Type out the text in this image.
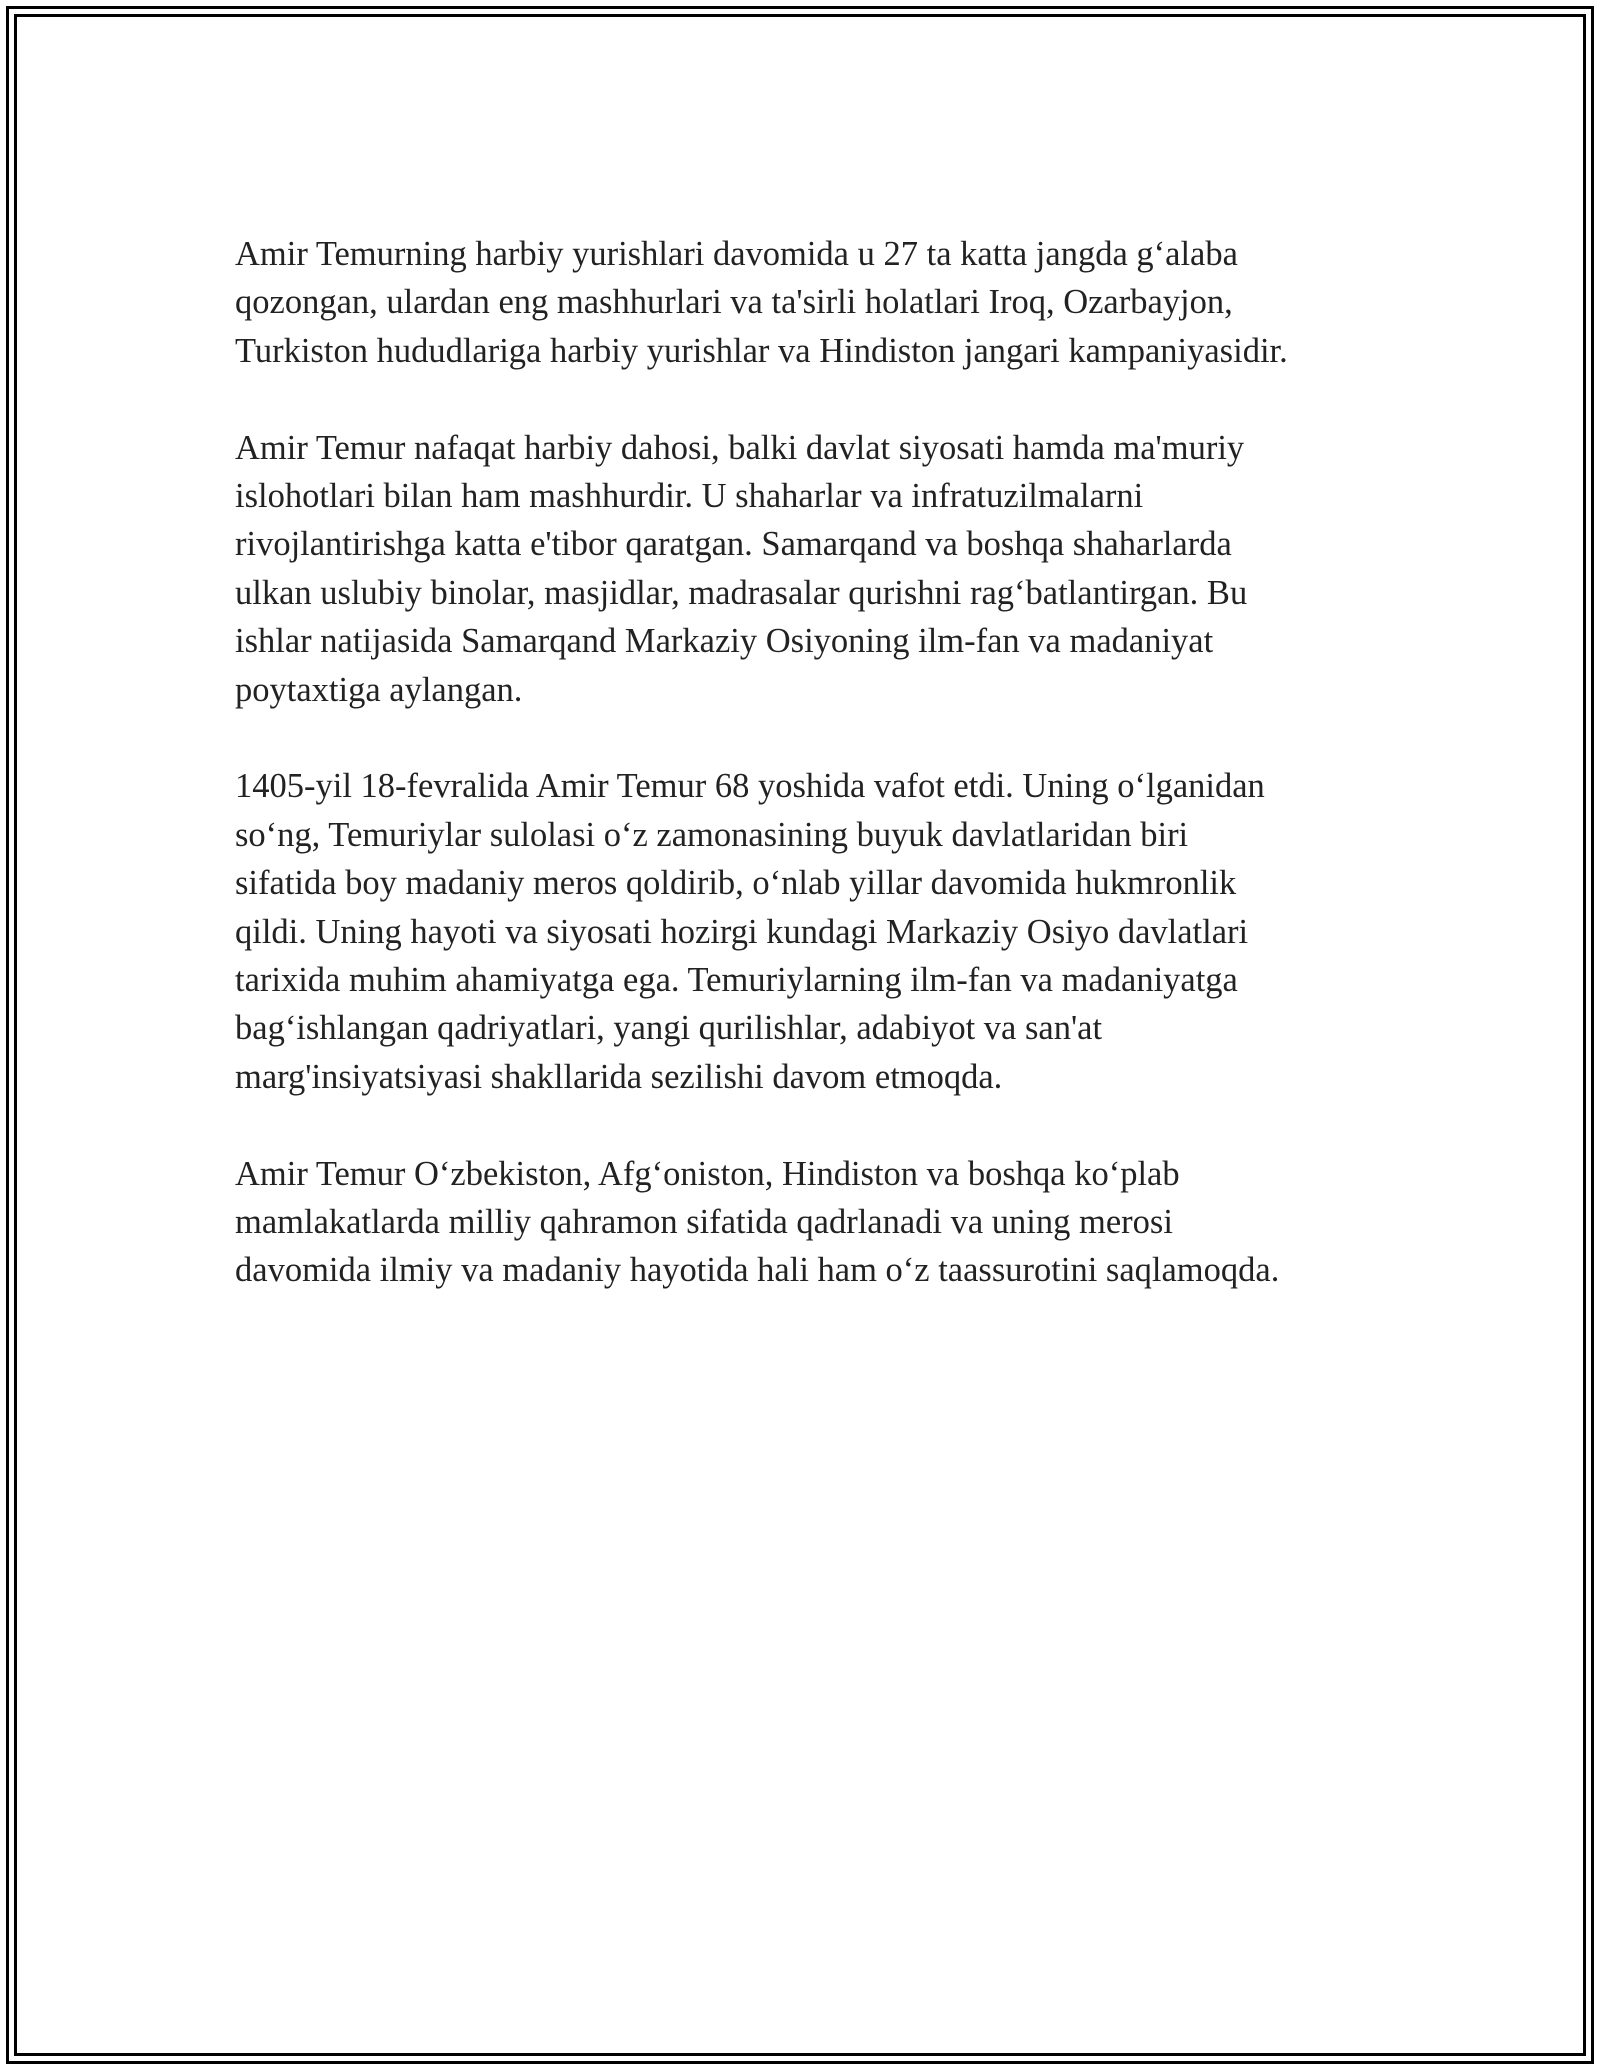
Amir Temurning harbiy yurishlari davomida u 27 ta katta jangda g‘alaba
qozongan, ulardan eng mashhurlari va ta'sirli holatlari Iroq, Ozarbayjon,
Turkiston hududlariga harbiy yurishlar va Hindiston jangari kampaniyasidir.

Amir Temur nafaqat harbiy dahosi, balki davlat siyosati hamda ma'muriy
islohotlari bilan ham mashhurdir. U shaharlar va infratuzilmalarni
rivojlantirishga katta e'tibor qaratgan. Samarqand va boshqa shaharlarda
ulkan uslubiy binolar, masjidlar, madrasalar qurishni rag‘batlantirgan. Bu
ishlar natijasida Samarqand Markaziy Osiyoning ilm-fan va madaniyat
poytaxtiga aylangan.

1405-yil 18-fevralida Amir Temur 68 yoshida vafot etdi. Uning o‘lganidan
so‘ng, Temuriylar sulolasi o‘z zamonasining buyuk davlatlaridan biri
sifatida boy madaniy meros qoldirib, o‘nlab yillar davomida hukmronlik
qildi. Uning hayoti va siyosati hozirgi kundagi Markaziy Osiyo davlatlari
tarixida muhim ahamiyatga ega. Temuriylarning ilm-fan va madaniyatga
bag‘ishlangan qadriyatlari, yangi qurilishlar, adabiyot va san'at
marg'insiyatsiyasi shakllarida sezilishi davom etmoqda.

Amir Temur O‘zbekiston, Afg‘oniston, Hindiston va boshqa ko‘plab
mamlakatlarda milliy qahramon sifatida qadrlanadi va uning merosi
davomida ilmiy va madaniy hayotida hali ham o‘z taassurotini saqlamoqda.
